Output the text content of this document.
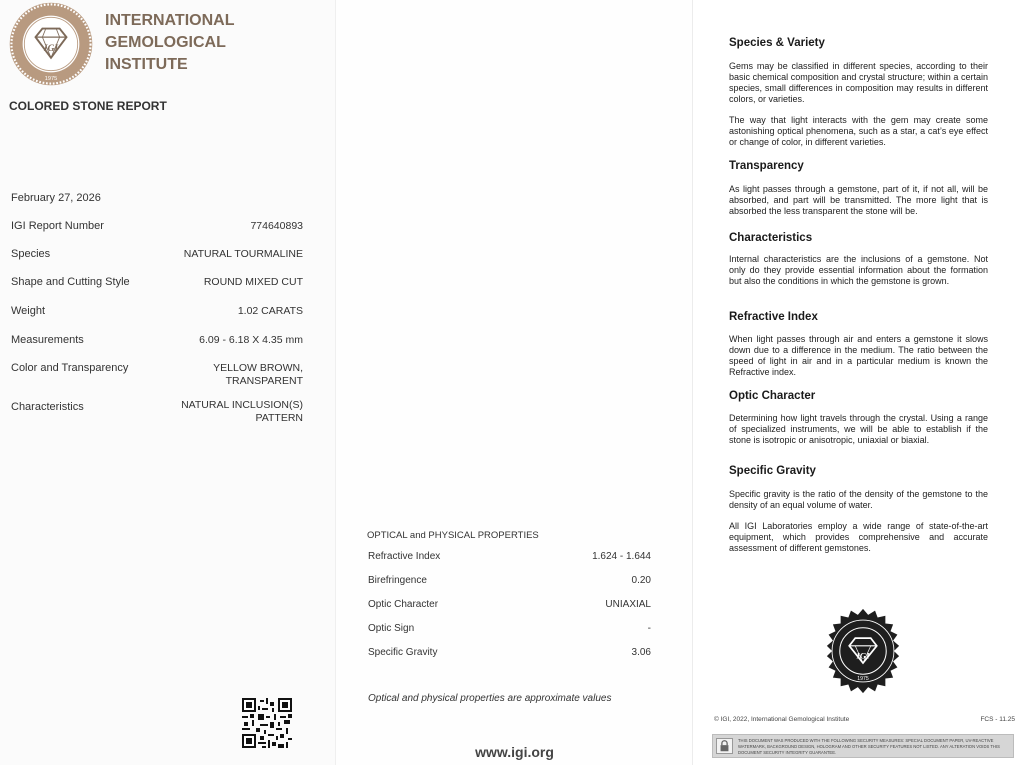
IGI
1975
INTERNATIONAL GEMOLOGICAL INSTITUTE
COLORED STONE REPORT
February 27, 2026
IGI Report Number	774640893
Species	NATURAL TOURMALINE
Shape and Cutting Style	ROUND MIXED CUT
Weight	1.02 CARATS
Measurements	6.09 - 6.18 X 4.35 mm
Color and Transparency	YELLOW BROWN,
TRANSPARENT
Characteristics	NATURAL INCLUSION(S)
PATTERN
OPTICAL and PHYSICAL PROPERTIES
Refractive Index	1.624 - 1.644
Birefringence	0.20
Optic Character	UNIAXIAL
Optic Sign	-
Specific Gravity	3.06
Optical and physical properties are approximate values
www.igi.org
Species & Variety

Gems may be classified in different species, according to their basic chemical composition and crystal structure; within a certain species, small differences in composition may results in different colors, or varieties.

The way that light interacts with the gem may create some astonishing optical phenomena, such as a star, a cat’s eye effect or change of color, in different varieties.

Transparency

As light passes through a gemstone, part of it, if not all, will be absorbed, and part will be transmitted. The more light that is absorbed the less transparent the stone will be.

Characteristics

Internal characteristics are the inclusions of a gemstone. Not only do they provide essential information about the formation but also the conditions in which the gemstone is grown.

Refractive Index

When light passes through air and enters a gemstone it slows down due to a difference in the medium. The ratio between the speed of light in air and in a particular medium is known the Refractive index.

Optic Character

Determining how light travels through the crystal. Using a range of specialized instruments, we will be able to establish if the stone is isotropic or anisotropic, uniaxial or biaxial.

Specific Gravity

Specific gravity is the ratio of the density of the gemstone to the density of an equal volume of water.

All IGI Laboratories employ a wide range of state-of-the-art equipment, which provides comprehensive and accurate assessment of different gemstones.

IGI
1975
© IGI, 2022, International Gemological Institute	FCS - 11.25
THIS DOCUMENT WAS PRODUCED WITH THE FOLLOWING SECURITY MEASURES: SPECIAL DOCUMENT PAPER, UV-REACTIVE WATERMARK, BACKGROUND DESIGN, HOLOGRAM AND OTHER SECURITY FEATURES NOT LISTED. ANY ALTERATION VOIDS THIS DOCUMENT SECURITY INTEGRITY GUARANTEE.
